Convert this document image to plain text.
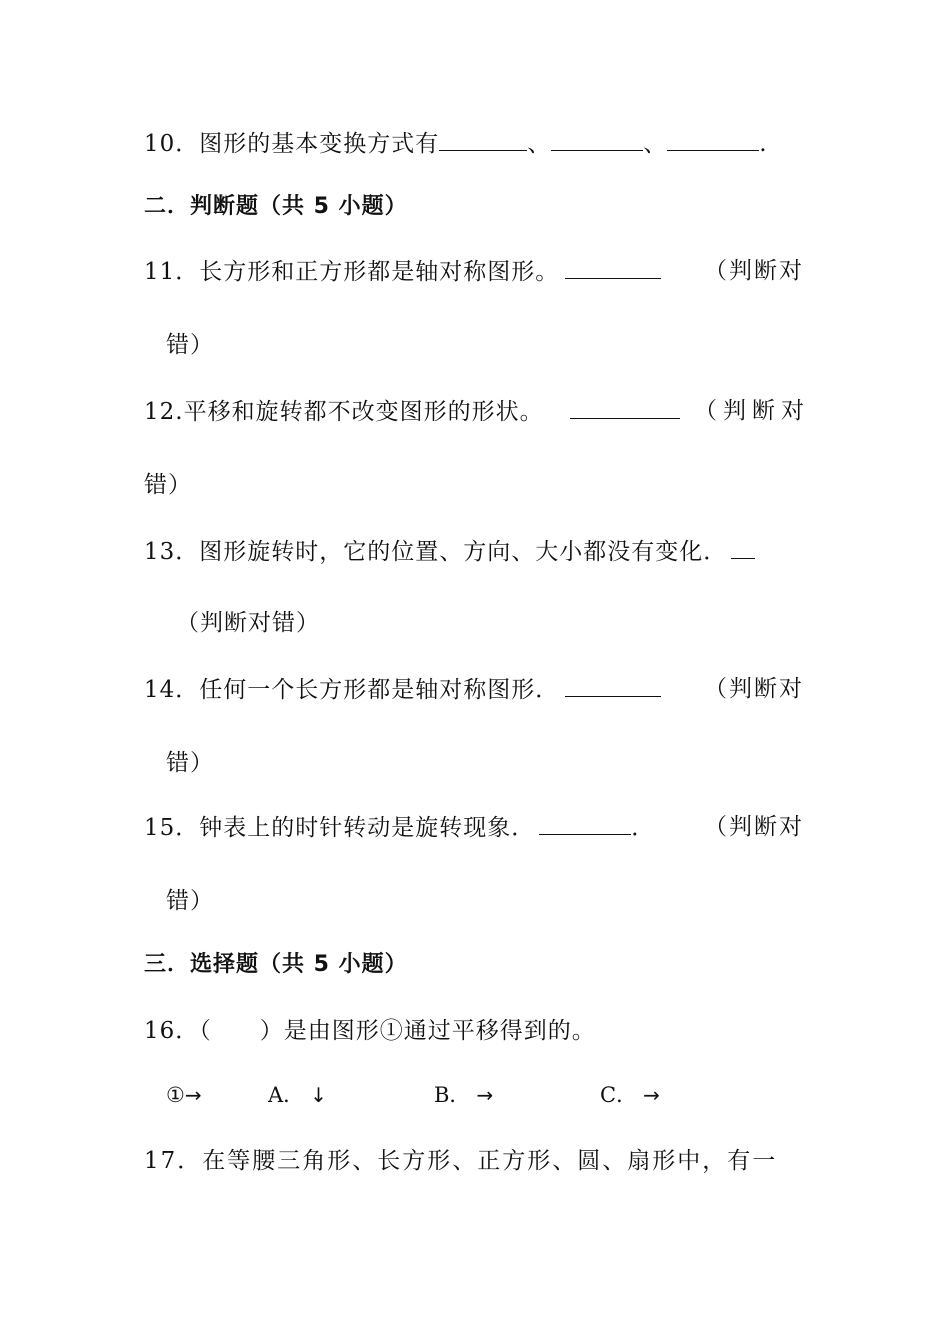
10．图形的基本变换方式有	、	、	.
二．判断题（共 5 小题）
11．长方形和正方形都是轴对称图形。	（判断对
错）
12.平移和旋转都不改变图形的形状。	（判断对
错）
13．图形旋转时，它的位置、方向、大小都没有变化．
（判断对错）
14．任何一个长方形都是轴对称图形．	（判断对
错）
15．钟表上的时针转动是旋转现象．	． （判断对
错）
三．选择题（共 5 小题）
16．（　　）是由图形①通过平移得到的。
①→	A． ↓	B． →	C． →
17．在等腰三角形、长方形、正方形、圆、扇形中，有一
